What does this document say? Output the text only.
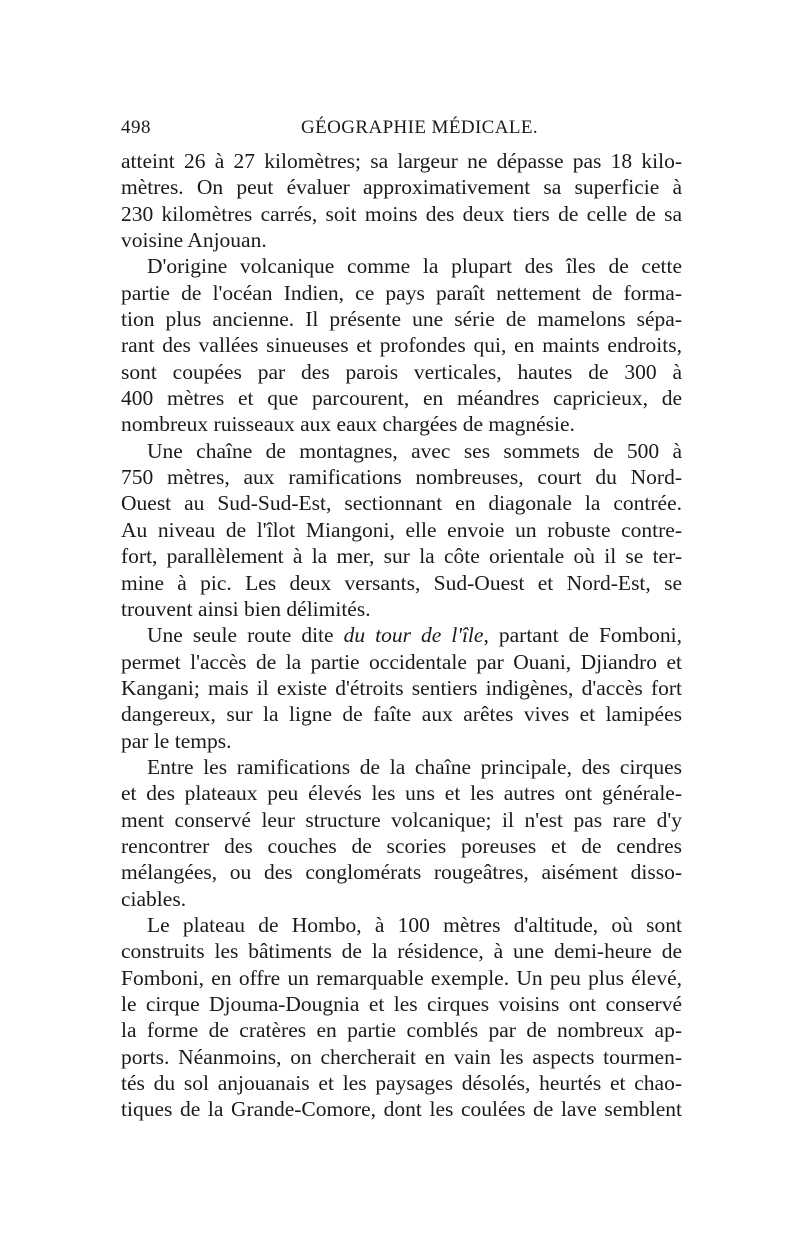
498	GÉOGRAPHIE MÉDICALE.
atteint 26 à 27 kilomètres; sa largeur ne dépasse pas 18 kilo-
mètres. On peut évaluer approximativement sa superficie à
230 kilomètres carrés, soit moins des deux tiers de celle de sa
voisine Anjouan.
D'origine volcanique comme la plupart des îles de cette
partie de l'océan Indien, ce pays paraît nettement de forma-
tion plus ancienne. Il présente une série de mamelons sépa-
rant des vallées sinueuses et profondes qui, en maints endroits,
sont coupées par des parois verticales, hautes de 300 à
400 mètres et que parcourent, en méandres capricieux, de
nombreux ruisseaux aux eaux chargées de magnésie.
Une chaîne de montagnes, avec ses sommets de 500 à
750 mètres, aux ramifications nombreuses, court du Nord-
Ouest au Sud-Sud-Est, sectionnant en diagonale la contrée.
Au niveau de l'îlot Miangoni, elle envoie un robuste contre-
fort, parallèlement à la mer, sur la côte orientale où il se ter-
mine à pic. Les deux versants, Sud-Ouest et Nord-Est, se
trouvent ainsi bien délimités.
Une seule route dite du tour de l'île, partant de Fomboni,
permet l'accès de la partie occidentale par Ouani, Djiandro et
Kangani; mais il existe d'étroits sentiers indigènes, d'accès fort
dangereux, sur la ligne de faîte aux arêtes vives et lamipées
par le temps.
Entre les ramifications de la chaîne principale, des cirques
et des plateaux peu élevés les uns et les autres ont générale-
ment conservé leur structure volcanique; il n'est pas rare d'y
rencontrer des couches de scories poreuses et de cendres
mélangées, ou des conglomérats rougeâtres, aisément disso-
ciables.
Le plateau de Hombo, à 100 mètres d'altitude, où sont
construits les bâtiments de la résidence, à une demi-heure de
Fomboni, en offre un remarquable exemple. Un peu plus élevé,
le cirque Djouma-Dougnia et les cirques voisins ont conservé
la forme de cratères en partie comblés par de nombreux ap-
ports. Néanmoins, on chercherait en vain les aspects tourmen-
tés du sol anjouanais et les paysages désolés, heurtés et chao-
tiques de la Grande-Comore, dont les coulées de lave semblent
